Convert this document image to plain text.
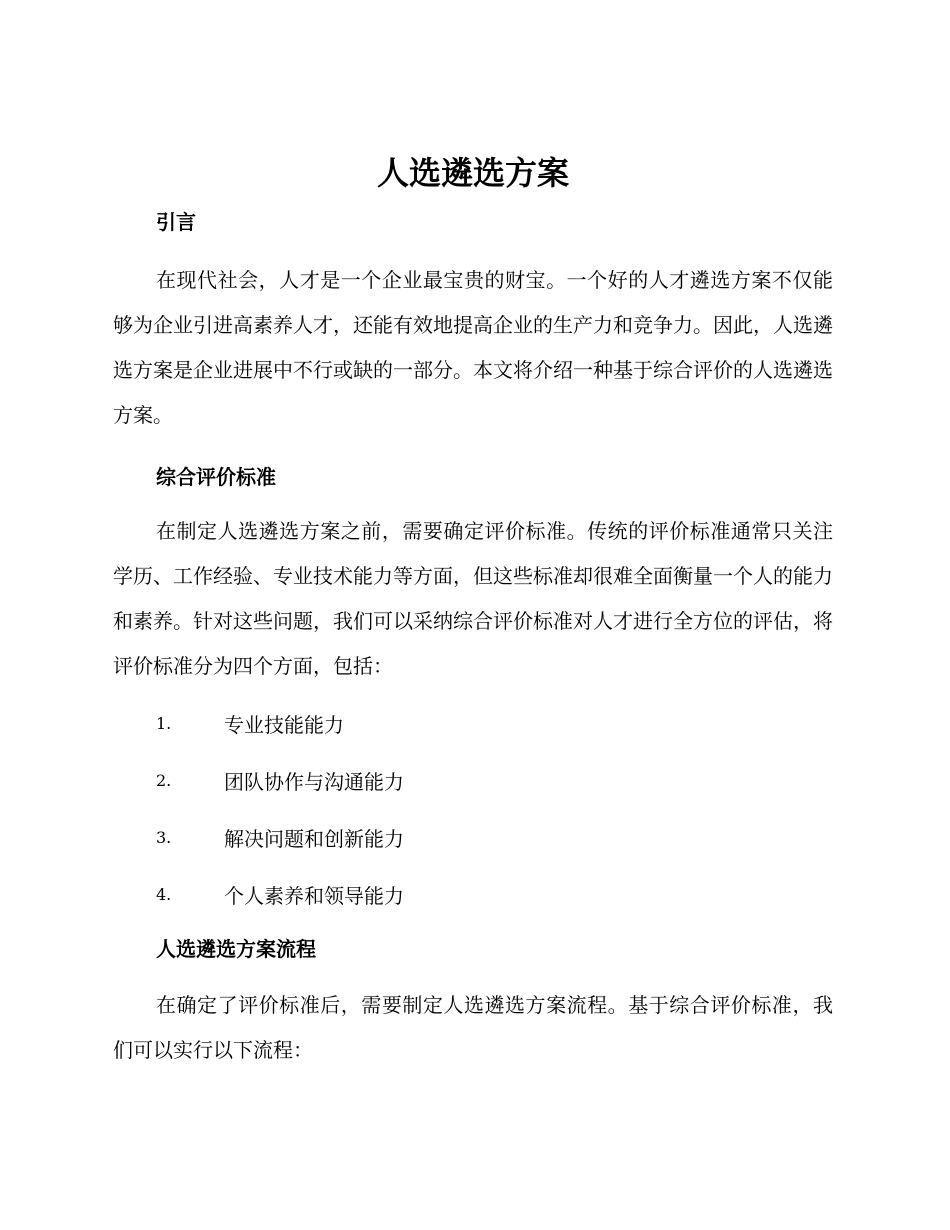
人选遴选方案
引言

在现代社会，人才是一个企业最宝贵的财宝。一个好的人才遴选方案不仅能够为企业引进高素养人才，还能有效地提高企业的生产力和竞争力。因此，人选遴选方案是企业进展中不行或缺的一部分。本文将介绍一种基于综合评价的人选遴选方案。

综合评价标准

在制定人选遴选方案之前，需要确定评价标准。传统的评价标准通常只关注学历、工作经验、专业技术能力等方面，但这些标准却很难全面衡量一个人的能力和素养。针对这些问题，我们可以采纳综合评价标准对人才进行全方位的评估，将评价标准分为四个方面，包括：

1.	专业技能能力
2.	团队协作与沟通能力
3.	解决问题和创新能力
4.	个人素养和领导能力
人选遴选方案流程

在确定了评价标准后，需要制定人选遴选方案流程。基于综合评价标准，我们可以实行以下流程：
